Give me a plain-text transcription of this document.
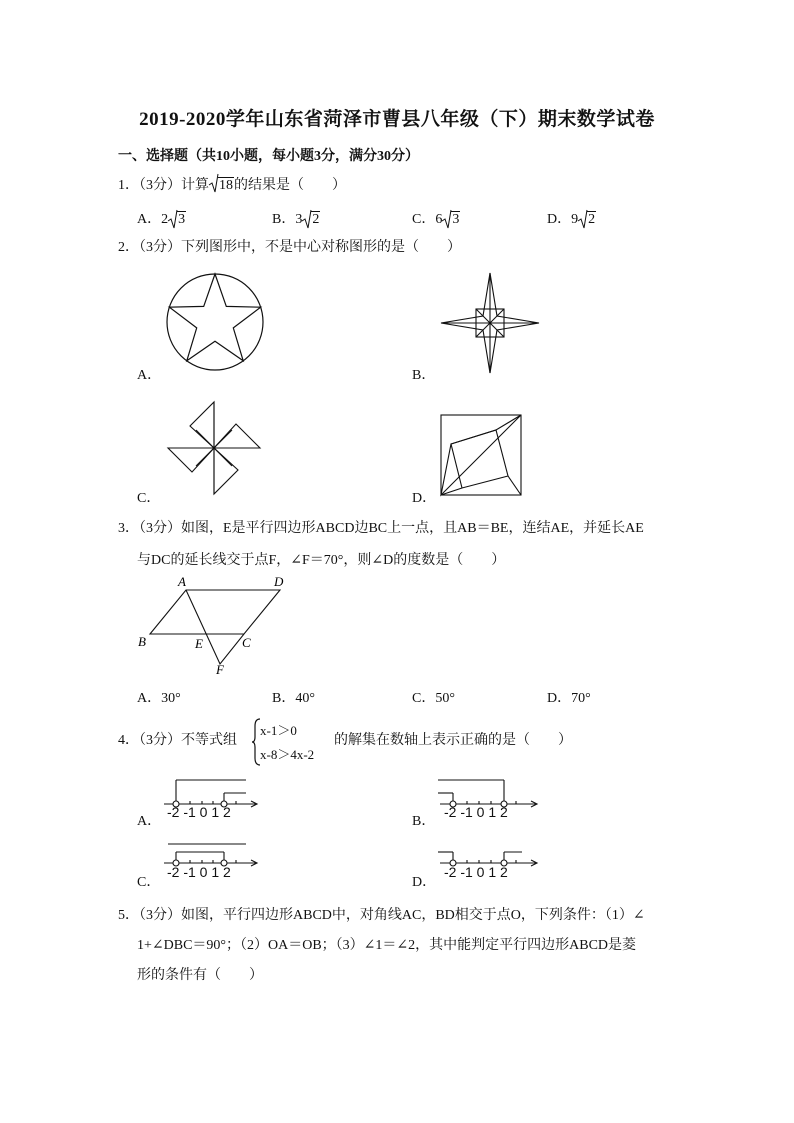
2019-2020学年山东省菏泽市曹县八年级（下）期末数学试卷
一、选择题（共10小题，每小题3分，满分30分）
1．（3分）计算 18的结果是（　　）
A．2 3	B．3 2	C．6 3	D．9 2
2．（3分）下列图形中，不是中心对称图形的是（　　）
A．	B．
C．	D．
3．（3分）如图，E是平行四边形ABCD边BC上一点，且AB＝BE，连结AE，并延长AE
与DC的延长线交于点F，∠F＝70°，则∠D的度数是（　　）
A	D
B	E	C
F
A．30°	B．40°	C．50°	D．70°
4．（3分）不等式组
x-1＞0
x-8＞4x-2
的解集在数轴上表示正确的是（　　）
-2 -1 0 1 2
A．
-2 -1 0 1 2
B．
-2 -1 0 1 2
C．
-2 -1 0 1 2
D．
5．（3分）如图，平行四边形ABCD中，对角线AC，BD相交于点O，下列条件：（1）∠
1+∠DBC＝90°；（2）OA＝OB；（3）∠1＝∠2，其中能判定平行四边形ABCD是菱
形的条件有（　　）
